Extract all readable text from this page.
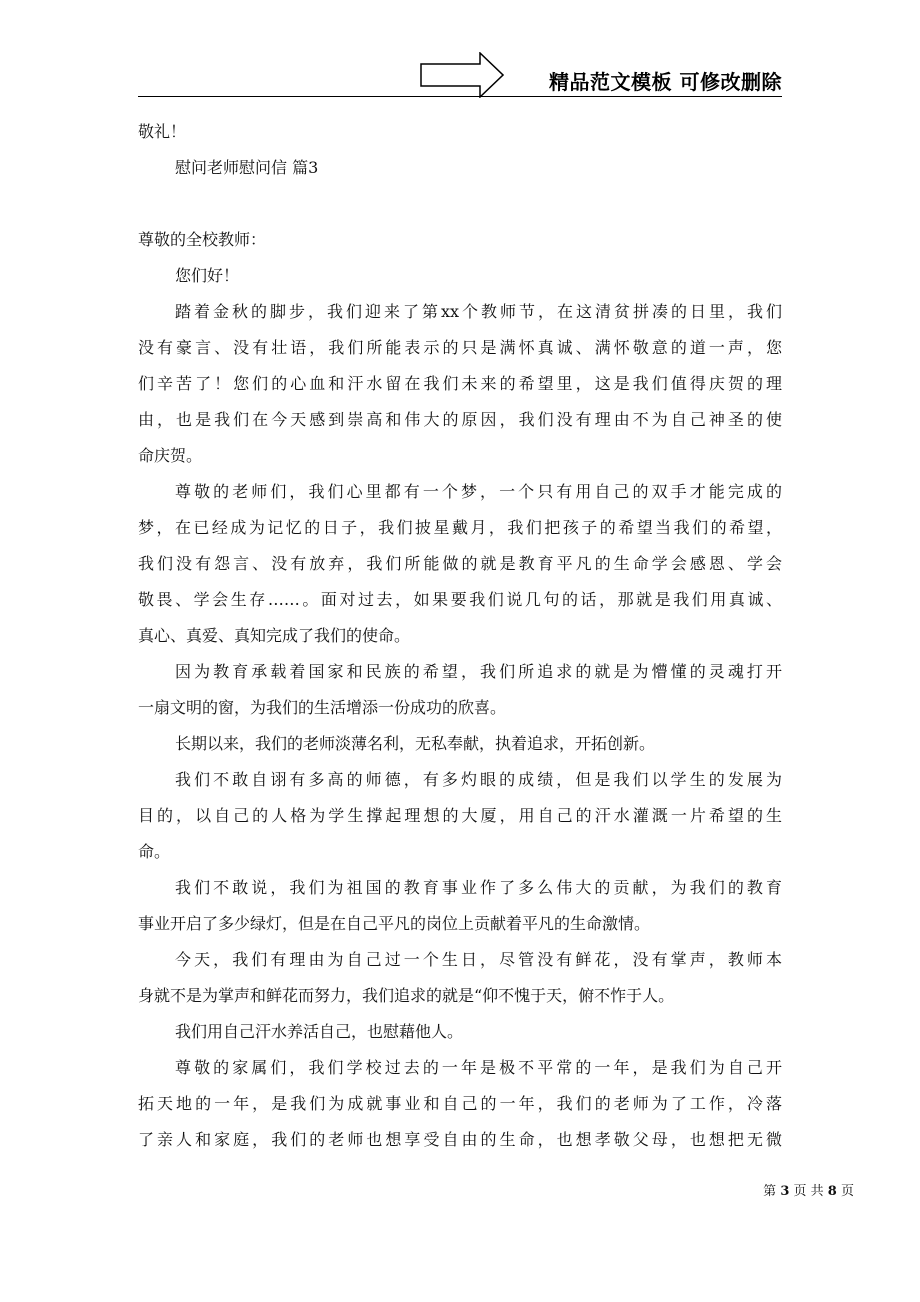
精品范文模板 可修改删除
敬礼！
慰问老师慰问信 篇3
尊敬的全校教师：
您们好！
踏着金秋的脚步，我们迎来了第xx个教师节，在这清贫拼凑的日里，我们
没有豪言、没有壮语，我们所能表示的只是满怀真诚、满怀敬意的道一声，您
们辛苦了！您们的心血和汗水留在我们未来的希望里，这是我们值得庆贺的理
由，也是我们在今天感到崇高和伟大的原因，我们没有理由不为自己神圣的使
命庆贺。
尊敬的老师们，我们心里都有一个梦，一个只有用自己的双手才能完成的
梦，在已经成为记忆的日子，我们披星戴月，我们把孩子的希望当我们的希望，
我们没有怨言、没有放弃，我们所能做的就是教育平凡的生命学会感恩、学会
敬畏、学会生存……。面对过去，如果要我们说几句的话，那就是我们用真诚、
真心、真爱、真知完成了我们的使命。
因为教育承载着国家和民族的希望，我们所追求的就是为懵懂的灵魂打开
一扇文明的窗，为我们的生活增添一份成功的欣喜。
长期以来，我们的老师淡薄名利，无私奉献，执着追求，开拓创新。
我们不敢自诩有多高的师德，有多灼眼的成绩，但是我们以学生的发展为
目的，以自己的人格为学生撑起理想的大厦，用自己的汗水灌溉一片希望的生
命。
我们不敢说，我们为祖国的教育事业作了多么伟大的贡献，为我们的教育
事业开启了多少绿灯，但是在自己平凡的岗位上贡献着平凡的生命激情。
今天，我们有理由为自己过一个生日，尽管没有鲜花，没有掌声，教师本
身就不是为掌声和鲜花而努力，我们追求的就是“仰不愧于天，俯不怍于人。
我们用自己汗水养活自己，也慰藉他人。
尊敬的家属们，我们学校过去的一年是极不平常的一年，是我们为自己开
拓天地的一年，是我们为成就事业和自己的一年，我们的老师为了工作，冷落
了亲人和家庭，我们的老师也想享受自由的生命，也想孝敬父母，也想把无微
第 3 页 共 8 页
